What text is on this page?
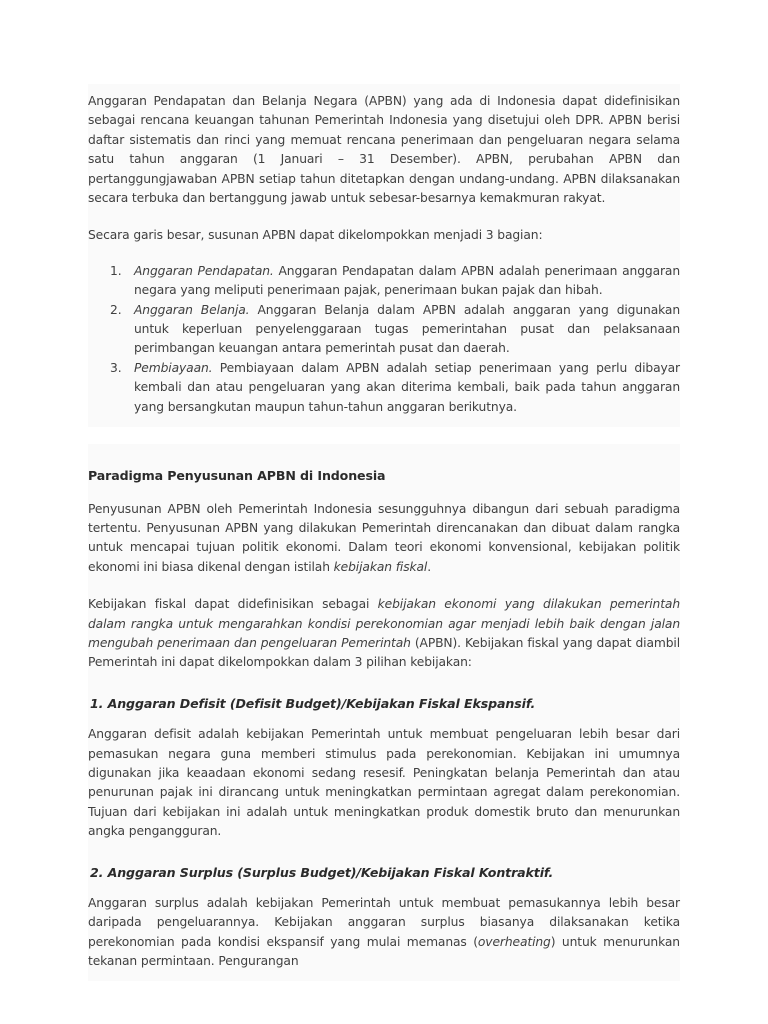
Anggaran Pendapatan dan Belanja Negara (APBN) yang ada di Indonesia dapat didefinisikan sebagai rencana keuangan tahunan Pemerintah Indonesia yang disetujui oleh DPR. APBN berisi daftar sistematis dan rinci yang memuat rencana penerimaan dan pengeluaran negara selama satu tahun anggaran (1 Januari – 31 Desember). APBN, perubahan APBN dan pertanggungjawaban APBN setiap tahun ditetapkan dengan undang-undang. APBN dilaksanakan secara terbuka dan bertanggung jawab untuk sebesar-besarnya kemakmuran rakyat.

Secara garis besar, susunan APBN dapat dikelompokkan menjadi 3 bagian:

1. Anggaran Pendapatan. Anggaran Pendapatan dalam APBN adalah penerimaan anggaran negara yang meliputi penerimaan pajak, penerimaan bukan pajak dan hibah.
2. Anggaran Belanja. Anggaran Belanja dalam APBN adalah anggaran yang digunakan untuk keperluan penyelenggaraan tugas pemerintahan pusat dan pelaksanaan perimbangan keuangan antara pemerintah pusat dan daerah.
3. Pembiayaan. Pembiayaan dalam APBN adalah setiap penerimaan yang perlu dibayar kembali dan atau pengeluaran yang akan diterima kembali, baik pada tahun anggaran yang bersangkutan maupun tahun-tahun anggaran berikutnya.
Paradigma Penyusunan APBN di Indonesia

Penyusunan APBN oleh Pemerintah Indonesia sesungguhnya dibangun dari sebuah paradigma tertentu. Penyusunan APBN yang dilakukan Pemerintah direncanakan dan dibuat dalam rangka untuk mencapai tujuan politik ekonomi. Dalam teori ekonomi konvensional, kebijakan politik ekonomi ini biasa dikenal dengan istilah kebijakan fiskal.

Kebijakan fiskal dapat didefinisikan sebagai kebijakan ekonomi yang dilakukan pemerintah dalam rangka untuk mengarahkan kondisi perekonomian agar menjadi lebih baik dengan jalan mengubah penerimaan dan pengeluaran Pemerintah (APBN). Kebijakan fiskal yang dapat diambil Pemerintah ini dapat dikelompokkan dalam 3 pilihan kebijakan:

1. Anggaran Defisit (Defisit Budget)/Kebijakan Fiskal Ekspansif.

Anggaran defisit adalah kebijakan Pemerintah untuk membuat pengeluaran lebih besar dari pemasukan negara guna memberi stimulus pada perekonomian. Kebijakan ini umumnya digunakan jika keaadaan ekonomi sedang resesif. Peningkatan belanja Pemerintah dan atau penurunan pajak ini dirancang untuk meningkatkan permintaan agregat dalam perekonomian. Tujuan dari kebijakan ini adalah untuk meningkatkan produk domestik bruto dan menurunkan angka pengangguran.

2. Anggaran Surplus (Surplus Budget)/Kebijakan Fiskal Kontraktif.

Anggaran surplus adalah kebijakan Pemerintah untuk membuat pemasukannya lebih besar daripada pengeluarannya. Kebijakan anggaran surplus biasanya dilaksanakan ketika perekonomian pada kondisi ekspansif yang mulai memanas (overheating) untuk menurunkan tekanan permintaan. Pengurangan
